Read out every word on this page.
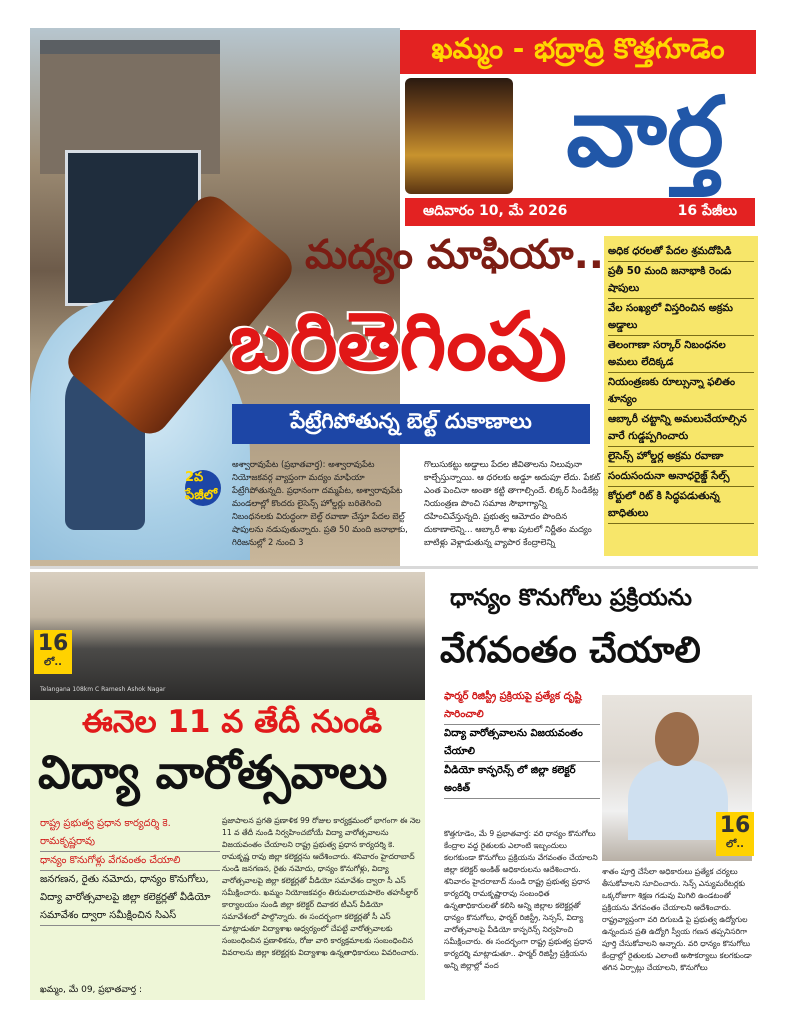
ఖమ్మం - భద్రాద్రి కొత్తగూడెం
వార్త
ఆదివారం 10, మే 2026	16 పేజీలు
మద్యం మాఫియా..
బరితెగింపు
పేట్రేగిపోతున్న బెల్ట్ దుకాణాలు
2వ పేజీలో
అశ్వారావుపేట (ప్రభాతవార్త): అశ్వారావుపేట నియోజకవర్గ వ్యాప్తంగా మద్యం మాఫియా పేట్రేగిపోతున్నది. ప్రధానంగా దమ్మపేట, అశ్వారావుపేట మండలాల్లో కొందరు లైసెన్స్ హోల్డర్లు బరితెగించి నిబంధనలకు విరుద్ధంగా బెల్ట్ రవాణా చేస్తూ పేదల బెల్ట్ షాపులను నడుపుతున్నారు. ప్రతి 50 మంది జనాభాకు, గిరిజనుల్లో 2 నుంచి 3
గొలుసుకట్టు అడ్డాలు పేదల జీవితాలను నిలువునా కాల్చేస్తున్నాయి. ఆ ధరలకు అడ్డూ అదుపూ లేదు. పేకట్ ఎంత పెంచినా అంతా కట్టి తాగాల్సిందే. లిక్కర్ సిండికేట్ల నియంత్రణ పొంచి సమాజ సౌభాగ్యాన్ని దహించివేస్తున్నది. ప్రభుత్వ ఆమోదం పొందిన దుకాణాలెన్ని... ఆబ్కారీ శాఖ పుటలో నిర్ణీతం మద్యం బాటిళ్లు వెళ్లాడుతున్న వ్యాపార కేంద్రాలెన్ని
అధిక ధరలతో పేదల శ్రమదోపిడి
ప్రతీ 50 మంది జనాభాకి రెండు షాపులు
వేల సంఖ్యలో విస్తరించిన అక్రమ అడ్డాలు
తెలంగాణా సర్కార్ నిబంధనల అమలు లేదిక్కడ
నియంత్రణకు రూల్సున్నా ఫలితం శూన్యం
ఆబ్కారీ చట్టాన్ని అమలుచేయాల్సిన వారే గుడ్డప్పగించారు
లైసెన్స్ హోల్డర్ల అక్రమ రవాణా
సందుసందునా అనాధరైజ్డ్ సేల్స్
కోర్టులో రిట్ కి సిద్ధపడుతున్న బాధితులు
Telangana 108km C Ramesh Ashok Nagar
16
లో..
ఈనెల 11 వ తేదీ నుండి
విద్యా వారోత్సవాలు
రాష్ట్ర ప్రభుత్వ ప్రధాన కార్యదర్శి కె. రామకృష్ణరావు
ధాన్యం కొనుగోళ్లు వేగవంతం చేయాలి
జనగణన, రైతు నమోదు, ధాన్యం కొనుగోలు, విద్యా వారోత్సవాలపై జిల్లా కలెక్టర్లతో వీడియో సమావేశం ద్వారా సమీక్షించిన సిఎస్
ప్రజాపాలన ప్రగతి ప్రణాళిక 99 రోజుల కార్యక్రమంలో భాగంగా ఈ నెల 11 వ తేదీ నుండి నిర్వహించబోయే విద్యా వారోత్సవాలను విజయవంతం చేయాలని రాష్ట్ర ప్రభుత్వ ప్రధాన కార్యదర్శి కె. రామకృష్ణ రావు జిల్లా కలెక్టర్లను ఆదేశించారు. శనివారం హైదరాబాద్ నుండి జనగణన, రైతు నమోదు, ధాన్యం కొనుగోళ్లు, విద్యా వారోత్సవాలపై జిల్లా కలెక్టర్లతో వీడియో సమావేశం ద్వారా సీ ఎస్ సమీక్షించారు. ఖమ్మం నియోజకవర్గం తిరుమలాయపాలెం తహసీల్దార్ కార్యాలయం నుండి జిల్లా కలెక్టర్ దివాకర టీఎస్ వీడియో సమావేశంలో పాల్గొన్నారు. ఈ సందర్భంగా కలెక్టర్లతో సీ ఎస్ మాట్లాడుతూ విద్యాశాఖ ఆధ్వర్యంలో చేపట్టే వారోత్సవాలకు సంబంధించిన ప్రణాళికను, రోజు వారి కార్యక్రమాలకు సంబంధించిన వివరాలను జిల్లా కలెక్టర్లకు విద్యాశాఖ ఉన్నతాధికారులు వివరించారు.
ఖమ్మం, మే 09, ప్రభాతవార్త :
ధాన్యం కొనుగోలు ప్రక్రియను
వేగవంతం చేయాలి
ఫార్మర్ రిజిస్ట్రీ ప్రక్రియపై ప్రత్యేక దృష్టి సారించాలి
విద్యా వారోత్సవాలను విజయవంతం చేయాలి
వీడియో కాన్ఫరెన్స్ లో జిల్లా కలెక్టర్ అంకిత్
16
లో..
కొత్తగూడెం, మే 9 ప్రభాతవార్త: వరి ధాన్యం కొనుగోలు కేంద్రాల వద్ద రైతులకు ఎలాంటి ఇబ్బందులు కలగకుండా కొనుగోలు ప్రక్రియను వేగవంతం చేయాలని జిల్లా కలెక్టర్ అంకిత్ అధికారులను ఆదేశించారు. శనివారం హైదరాబాద్ నుండి రాష్ట్ర ప్రభుత్వ ప్రధాన కార్యదర్శి రామకృష్ణారావు సంబంధిత ఉన్నతాధికారులతో కలిసి అన్ని జిల్లాల కలెక్టర్లతో ధాన్యం కొనుగోలు, ఫార్మర్ రిజిస్ట్రీ, సెన్సస్, విద్యా వారోత్సవాలపై వీడియో కాన్ఫరెన్స్ నిర్వహించి సమీక్షించారు. ఈ సందర్భంగా రాష్ట్ర ప్రభుత్వ ప్రధాన కార్యదర్శి మాట్లాడుతూ.. ఫార్మర్ రిజిస్ట్రీ ప్రక్రియను అన్ని జిల్లాల్లో వంద
శాతం పూర్తి చేసేలా అధికారులు ప్రత్యేక చర్యలు తీసుకోవాలని సూచించారు. సెన్స్ ఎన్యుమరేటర్లకు ఒక్కరోజుగా శిక్షణ గడువు మిగిలి ఉండటంతో ప్రక్రియను వేగవంతం చేయాలని ఆదేశించారు. రాష్ట్రవ్యాప్తంగా వరి దిగుబడి పై ప్రభుత్వ ఉద్యోగుల ఉన్నందున ప్రతి ఉద్యోగి స్వీయ గణన తప్పనిసరిగా పూర్తి చేసుకోవాలని అన్నారు. వరి ధాన్యం కొనుగోలు కేంద్రాల్లో రైతులకు ఎలాంటి అసౌకర్యాలు కలగకుండా తగిన ఏర్పాట్లు చేయాలని, కొనుగోలు
